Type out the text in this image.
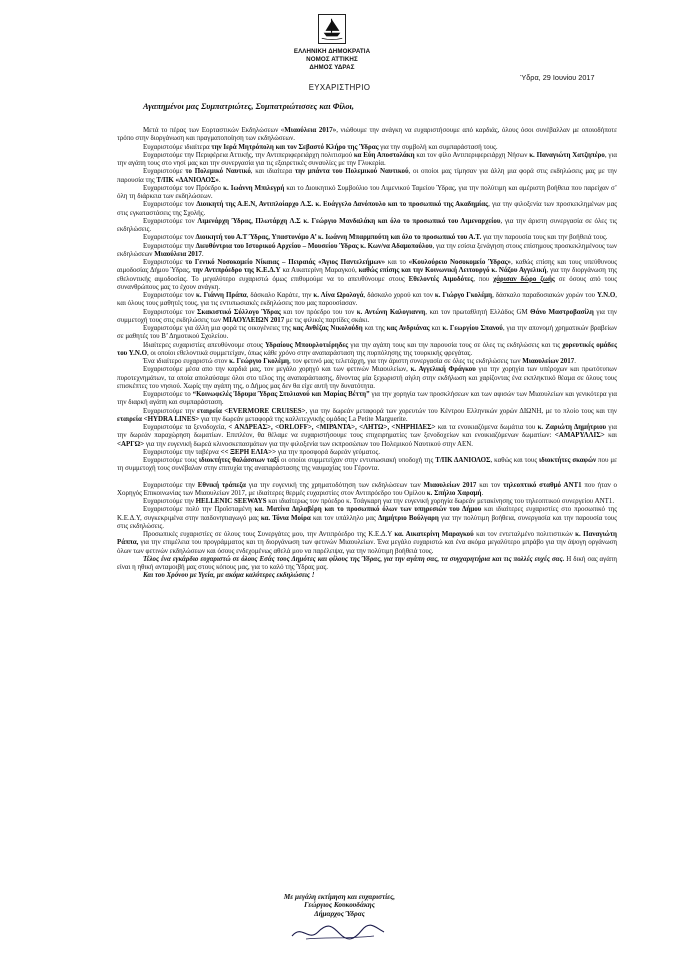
ΕΛΛΗΝΙΚΗ ΔΗΜΟΚΡΑΤΙΑ
ΝΟΜΟΣ ΑΤΤΙΚΗΣ
ΔΗΜΟΣ ΥΔΡΑΣ
Ύδρα, 29 Ιουνίου 2017
ΕΥΧΑΡΙΣΤΗΡΙΟ
Αγαπημένοι μας Συμπατριώτες, Συμπατριώτισσες και Φίλοι,

Μετά το πέρας των Εορταστικών Εκδηλώσεων «Μιαούλεια 2017», νιώθουμε την ανάγκη να ευχαριστήσουμε από καρδιάς, όλους όσοι συνέβαλλαν με οποιοδήποτε τρόπο στην διοργάνωση και πραγματοποίηση των εκδηλώσεων.

Ευχαριστούμε ιδιαίτερα την Ιερά Μητρόπολη και τον Σεβαστό Κλήρο της Ύδρας για την συμβολή και συμπαράστασή τους.

Ευχαριστούμε την Περιφέρεια Αττικής, την Αντιπεριφερειάρχη πολιτισμού κα Εύη Αποστολάκη και τον φίλο Αντιπεριφερειάρχη Νήσων κ. Παναγιώτη Χατζηπέρο, για την αγάπη τους στο νησί μας και την συνεργασία για τις εξαιρετικές συναυλίες με την Γλυκερία.

Ευχαριστούμε το Πολεμικό Ναυτικό, και ιδιαίτερα την μπάντα του Πολεμικού Ναυτικού, οι οποίοι μας τίμησαν για άλλη μια φορά στις εκδηλώσεις μας με την παρουσία της Τ/ΠΚ «ΔΑΝΙΟΛΟΣ».

Ευχαριστούμε τον Πρόεδρο κ. Ιωάννη Μπιλεγρή και το Διοικητικό Συμβούλιο του Λιμενικού Ταμείου Ύδρας, για την πολύτιμη και αμέριστη βοήθεια που παρείχαν σ’ όλη τη διάρκεια των εκδηλώσεων.

Ευχαριστούμε τον Διοικητή της Α.Ε.Ν, Αντιπλοίαρχο Λ.Σ. κ. Ευάγγελο Δανόπουλο και το προσωπικό της Ακαδημίας, για την φιλοξενία των προσκεκλημένων μας στις εγκαταστάσεις της Σχολής.

Ευχαριστούμε τον Λιμενάρχη Ύδρας, Πλωτάρχη Λ.Σ κ. Γεώργιο Μανδαλάκη και όλο το προσωπικό του Λιμεναρχείου, για την άριστη συνεργασία σε όλες τις εκδηλώσεις.

Ευχαριστούμε τον Διοικητή του Α.Τ Ύδρας, Υπαστυνόμο Α’ κ. Ιωάννη Μπαρμπούτη και όλο το προσωπικό του Α.Τ. για την παρουσία τους και την βοήθειά τους.

Ευχαριστούμε την Διευθύντρια του Ιστορικού Αρχείου – Μουσείου Ύδρας κ. Κων/να Αδαμοπούλου, για την εσίσια ξενάγηση στους επίσημους προσκεκλημένους των εκδηλώσεων Μιαούλεια 2017.

Ευχαριστούμε το Γενικό Νοσοκομείο Νίκαιας – Πειραιάς «Άγιος Παντελεήμων» και το «Κουλούρειο Νοσοκομείο Ύδρας», καθώς επίσης και τους υπεύθυνους αιμοδοσίας Δήμου Ύδρας, την Αντιπρόεδρο της Κ.Ε.Δ.Υ κα Αικατερίνη Μαραγκού, καθώς επίσης και την Κοινωνική Λειτουργό κ. Νάζου Αγγελική, για την διοργάνωση της εθελοντικής αιμοδοσίας. Το μεγαλύτερο ευχαριστώ όμως επιθυμούμε να το απευθύνουμε στους Εθελοντές Αιμοδότες, που χάρισαν δώρο ζωής σε όσους από τους συνανθρώπους μας το έχουν ανάγκη.

Ευχαριστούμε τον κ. Γιάννη Πράπα, δάσκαλο Καράτε, την κ. Λίνα Ωρολογά, δάσκαλο χορού και τον κ. Γιώργο Γκολέμη, δάσκαλο παραδοσιακών χορών του Υ.Ν.Ο, και όλους τους μαθητές τους, για τις εντυπωσιακές εκδηλώσεις που μας παρουσίασαν.

Ευχαριστούμε τον Σκακιστικό Σύλλογο Ύδρας και τον πρόεδρο του τον κ. Αντώνη Καλογιαννη, και τον πρωταθλητή Ελλάδος GM Θάνο Μαστροβασίλη για την συμμετοχή τους στις εκδηλώσεις των ΜΙΑΟΥΛΕΙΩΝ 2017 με τις φιλικές παρτίδες σκάκι.

Ευχαριστούμε για άλλη μια φορά τις οικογένειες της κας Ανθέζας Νικολούδη και της κας Ανδριάνας και κ. Γεωργίου Σπανού, για την απονομή χρηματικών βραβείων σε μαθητές του Β’ Δημοτικού Σχολείου.

Ιδιαίτερες ευχαριστίες απευθύνουμε στους Υδραίους Μπουρλοτιέρηδες για την αγάπη τους και την παρουσία τους σε όλες τις εκδηλώσεις και τις χορευτικές ομάδες του Υ.Ν.Ο, οι οποίοι εθελοντικά συμμετείχαν, όπως κάθε χρόνο στην αναπαράσταση της πυρπόλησης της τουρκικής φρεγάτας.

Ένα ιδιαίτερο ευχαριστώ στον κ. Γεώργιο Γκολέμη, τον φετινό μας τελετάρχη, για την άριστη συνεργασία σε όλες τις εκδηλώσεις των Μιαουλείων 2017.

Ευχαριστούμε μέσα απο την καρδιά μας, τον μεγάλο χορηγό και των φετινών Μιαουλείων, κ. Αγγελική Φράγκου για την χορηγία των υπέροχων και πρωτότυπων πυροτεχνημάτων, τα οποία απολαύσαμε όλοι στο τέλος της αναπαράστασης, δίνοντας μία ξεχωριστή αίγλη στην εκδήλωση και χαρίζοντας ένα εκπληκτικό θέαμα σε όλους τους επισκέπτες του νησιού. Χωρίς την αγάπη της, ο Δήμος μας δεν θα είχε αυτή την δυνατότητα.

Ευχαριστούμε το “Κοινωφελές Ίδρυμα Ύδρας Στυλιανού και Μαρίας Βέττη” για την χορηγία των προσκλήσεων και των αφισών των Μιαουλείων και γενικότερα για την διαρκή αγάπη και συμπαράσταση.

Ευχαριστούμε την εταιρεία <EVERMORE CRUISES>, για την δωρεάν μεταφορά των χορευτών του Κέντρου Ελληνικών χορών ΔΙΩΝΗ, με το πλοίο τους και την εταιρεία <HYDRA LINES> για την δωρεάν μεταφορά της καλλιτεχνικής ομάδας La Petite Marguerite.

Ευχαριστούμε τα ξενοδοχεία, < ΑΝΔΡΕΑΣ>, <ORLOFF>, <ΜΙΡΑΝΤΑ>, <ΛΗΤΩ>, <ΝΗΡΗΙΔΕΣ> και τα ενοικιαζόμενα δωμάτια του κ. Ζαριώτη Δημήτριου για την δωρεάν παραχώρηση δωματίων. Επιπλέον, θα θέλαμε να ευχαριστήσουμε τους επιχειρηματίες των ξενοδοχείων και ενοικιαζόμενων δωματίων: <ΑΜΑΡΥΛΛΙΣ> και <ΑΡΓΩ> για την ευγενική δωρεά κλινοσκεπασμάτων για την φιλοξενία των εκπροσώπων του Πολεμικού Ναυτικού στην ΑΕΝ.

Ευχαριστούμε την ταβέρνα << ΞΕΡΗ ΕΛΙΑ>> για την προσφορά δωρεάν γεύματος.

Ευχαριστούμε τους ιδιοκτήτες θαλάσσιων ταξί οι οποίοι συμμετείχαν στην εντυπωσιακή υποδοχή της Τ/ΠΚ ΔΑΝΙΟΛΟΣ, καθώς και τους ιδιοκτήτες σκαφών που με τη συμμετοχή τους συνέβαλαν στην επιτυχία της αναπαράστασης της ναυμαχίας του Γέροντα.

Ευχαριστούμε την Εθνική τράπεζα για την ευγενική της χρηματοδότηση των εκδηλώσεων των Μιαουλείων 2017 και τον τηλεοπτικό σταθμό ΑΝΤ1 που ήταν ο Χορηγός Επικοινωνίας των Μιαουλείων 2017, με ιδιαίτερες θερμές ευχαριστίες στον Αντιπρόεδρο του Ομίλου κ. Σπήλιο Χαραμή.

Ευχαριστούμε την HELLENIC SEEWAYS και ιδιαίτερως τον πρόεδρο κ. Τσάγκαρη για την ευγενική χορηγία δωρεάν μετακίνησης του τηλεοπτικού συνεργείου ΑΝΤ1.

Ευχαριστούμε πολύ την Προϊσταμένη κα. Ματίνα Δηλαβέρη και το προσωπικό όλων των υπηρεσιών του Δήμου και ιδιαίτερες ευχαριστίες στο προσωπικό της Κ.Ε.Δ.Υ, συγκεκριμένα στην παιδονηπιαγωγό μας κα. Τόνια Μοίρα και τον υπάλληλο μας Δημήτριο Βούλγαρη για την πολύτιμη βοήθεια, συνεργασία και την παρουσία τους στις εκδηλώσεις.

Προσωπικές ευχαριστίες σε όλους τους Συνεργάτες μου, την Αντιπρόεδρο της Κ.Ε.Δ.Υ κα. Αικατερίνη Μαραγκού και τον εντεταλμένο πολιτιστικών κ. Παναγιώτη Ράππα, για την επιμέλεια του προγράμματος και τη διοργάνωση των φετινών Μιαουλείων. Ένα μεγάλο ευχαριστώ και ένα ακόμα μεγαλύτερο μπράβο για την άψογη οργάνωση όλων των φετινών εκδηλώσεων και όσους ενδεχομένως αθελά μου να παρέλειψα, για την πολύτιμη βοήθειά τους.

Τέλος ένα εγκάρδιο ευχαριστώ σε όλους Εσάς τους Δημότες και φίλους της Ύδρας, για την αγάπη σας, τα συγχαρητήρια και τις πολλές ευχές σας. Η δική σας αγάπη είναι η ηθική ανταμοιβή μας στους κόπους μας, για το καλό της Ύδρας μας.

Και του Χρόνου με Υγεία, με ακόμα καλύτερες εκδηλώσεις !

Με μεγάλη εκτίμηση και ευχαριστίες,
Γεώργιος Κουκουδάκης
Δήμαρχος Ύδρας
